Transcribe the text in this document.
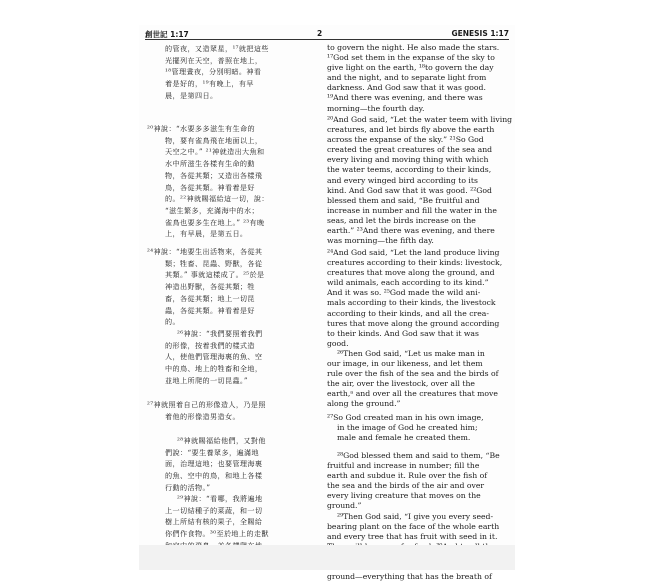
創世記 1:17	2	GENESIS 1:17

的管夜，又造眾星，¹⁷就把這些

光擺列在天空，普照在地上，

¹⁸管理晝夜，分別明暗。神看

着是好的，¹⁹有晚上，有早

晨，是第四日。

²⁰神說：“水要多多滋生有生命的

物，要有雀鳥飛在地面以上，

天空之中。” ²¹神就造出大魚和

水中所滋生各樣有生命的動

物，各從其類；又造出各樣飛

鳥，各從其類。神看着是好

的。²²神就賜福給這一切，說：

“滋生繁多，充滿海中的水；

雀鳥也要多生在地上。” ²³有晚

上，有早晨，是第五日。

²⁴神說：“地要生出活物來，各從其

類；牲畜、昆蟲、野獸，各從

其類。” 事就這樣成了。²⁵於是

神造出野獸，各從其類；牲

畜，各從其類；地上一切昆

蟲，各從其類。神看着是好

的。

²⁶神說：“我們要照着我們

的形像，按着我們的樣式造

人，使他們管理海裏的魚、空

中的鳥、地上的牲畜和全地，

並地上所爬的一切昆蟲。”

²⁷神就照着自己的形像造人，乃是照

着他的形像造男造女。

²⁸神就賜福給他們，又對他

們說：“要生養眾多，遍滿地

面，治理這地；也要管理海裏

的魚、空中的鳥，和地上各樣

行動的活物。”

²⁹神說：“看哪，我將遍地

上一切結種子的菜蔬，和一切

樹上所結有核的果子，全賜給

你們作食物。³⁰至於地上的走獸

to govern the night. He also made the stars.

¹⁷God set them in the expanse of the sky to

give light on the earth, ¹⁸to govern the day

and the night, and to separate light from

darkness. And God saw that it was good.

¹⁹And there was evening, and there was

morning—the fourth day.

²⁰And God said, “Let the water teem with living

creatures, and let birds fly above the earth

across the expanse of the sky.” ²¹So God

created the great creatures of the sea and

every living and moving thing with which

the water teems, according to their kinds,

and every winged bird according to its

kind. And God saw that it was good. ²²God

blessed them and said, “Be fruitful and

increase in number and fill the water in the

seas, and let the birds increase on the

earth.” ²³And there was evening, and there

was morning—the fifth day.

²⁴And God said, “Let the land produce living

creatures according to their kinds: livestock,

creatures that move along the ground, and

wild animals, each according to its kind.”

And it was so. ²⁵God made the wild ani-

mals according to their kinds, the livestock

according to their kinds, and all the crea-

tures that move along the ground according

to their kinds. And God saw that it was

good.

²⁶Then God said, “Let us make man in

our image, in our likeness, and let them

rule over the fish of the sea and the birds of

the air, over the livestock, over all the

earth,ᵃ and over all the creatures that move

along the ground.”

²⁷So God created man in his own image,

in the image of God he created him;

male and female he created them.

²⁸God blessed them and said to them, “Be

fruitful and increase in number; fill the

earth and subdue it. Rule over the fish of

the sea and the birds of the air and over

every living creature that moves on the

ground.”

²⁹Then God said, “I give you every seed-

bearing plant on the face of the whole earth

and every tree that has fruit with seed in it.

ground—everything that has the breath of
